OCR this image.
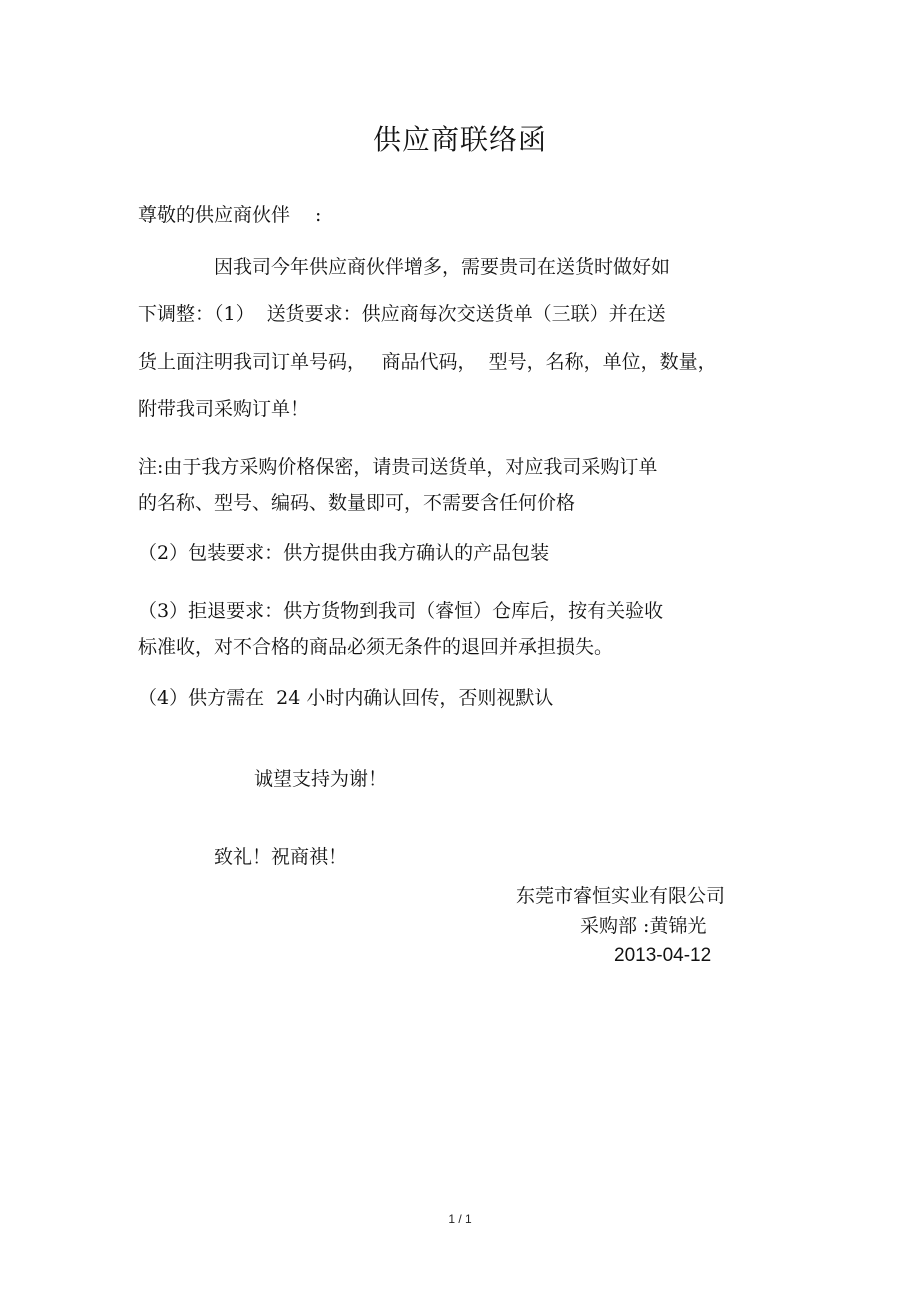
供应商联络函
尊敬的供应商伙伴　 :
因我司今年供应商伙伴增多，需要贵司在送货时做好如
下调整：（1）  送货要求：供应商每次交送货单（三联）并在送
货上面注明我司订单号码，　 商品代码，  型号，名称，单位，数量，
附带我司采购订单！
注:由于我方采购价格保密，请贵司送货单，对应我司采购订单
的名称、型号、编码、数量即可，不需要含任何价格
（2）包装要求：供方提供由我方确认的产品包装
（3）拒退要求：供方货物到我司（睿恒）仓库后，按有关验收
标准收，对不合格的商品必须无条件的退回并承担损失。
（4）供方需在  24 小时内确认回传，否则视默认
诚望支持为谢！
致礼！祝商祺！
东莞市睿恒实业有限公司
采购部 :黄锦光
2013-04-12
1 / 1
